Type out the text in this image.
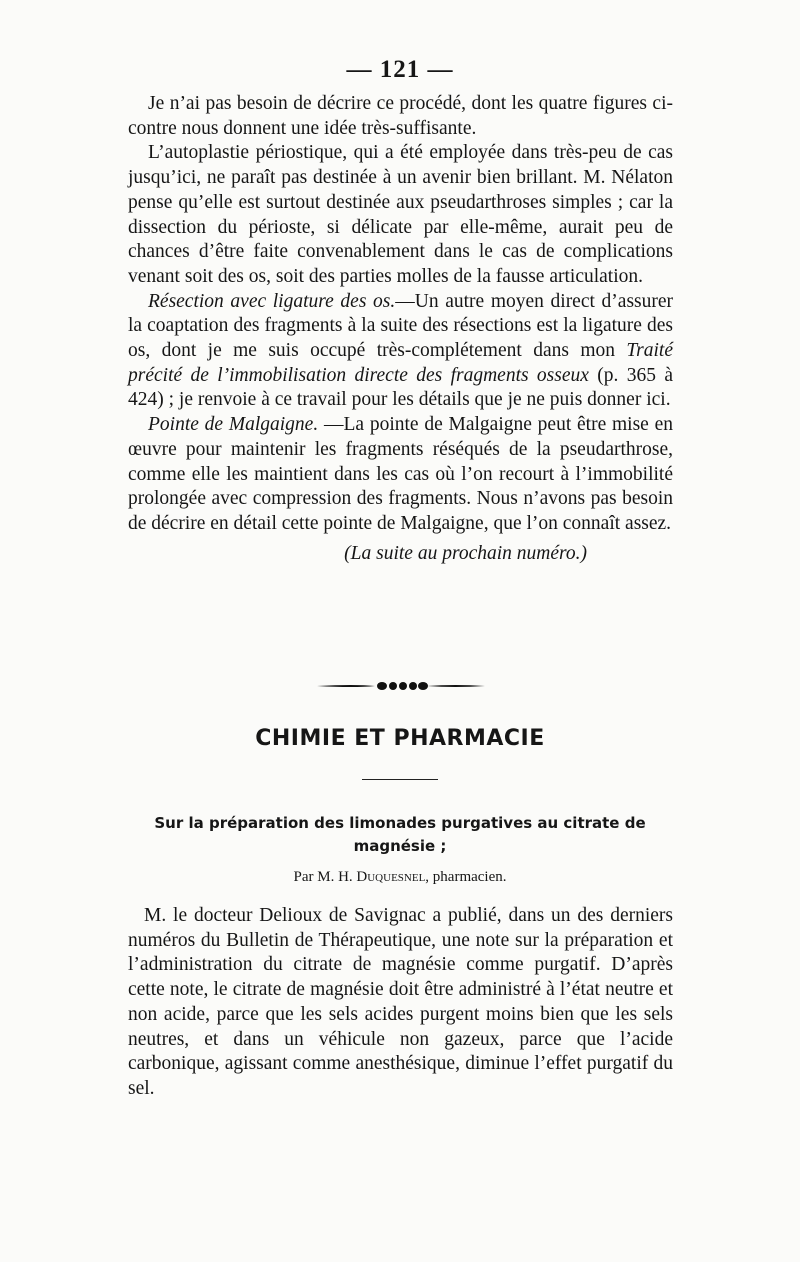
— 121 —

Je n’ai pas besoin de décrire ce procédé, dont les quatre figures ci-contre nous donnent une idée très-suffisante.

L’autoplastie périostique, qui a été employée dans très-peu de cas jusqu’ici, ne paraît pas destinée à un avenir bien brillant. M. Nélaton pense qu’elle est surtout destinée aux pseudarthroses simples ; car la dissection du périoste, si délicate par elle-même, aurait peu de chances d’être faite convenablement dans le cas de complications venant soit des os, soit des parties molles de la fausse articulation.

Résection avec ligature des os.—Un autre moyen direct d’assurer la coaptation des fragments à la suite des résections est la ligature des os, dont je me suis occupé très-complétement dans mon Traité précité de l’immobilisation directe des fragments osseux (p. 365 à 424) ; je renvoie à ce travail pour les détails que je ne puis donner ici.

Pointe de Malgaigne. —La pointe de Malgaigne peut être mise en œuvre pour maintenir les fragments réséqués de la pseudarthrose, comme elle les maintient dans les cas où l’on recourt à l’immobilité prolongée avec compression des fragments. Nous n’avons pas besoin de décrire en détail cette pointe de Malgaigne, que l’on connaît assez.

(La suite au prochain numéro.)

CHIMIE ET PHARMACIE
Sur la préparation des limonades purgatives au citrate de magnésie ;
Par M. H. Duquesnel, pharmacien.

M. le docteur Delioux de Savignac a publié, dans un des derniers numéros du Bulletin de Thérapeutique, une note sur la préparation et l’administration du citrate de magnésie comme purgatif. D’après cette note, le citrate de magnésie doit être administré à l’état neutre et non acide, parce que les sels acides purgent moins bien que les sels neutres, et dans un véhicule non gazeux, parce que l’acide carbonique, agissant comme anesthésique, diminue l’effet purgatif du sel.
